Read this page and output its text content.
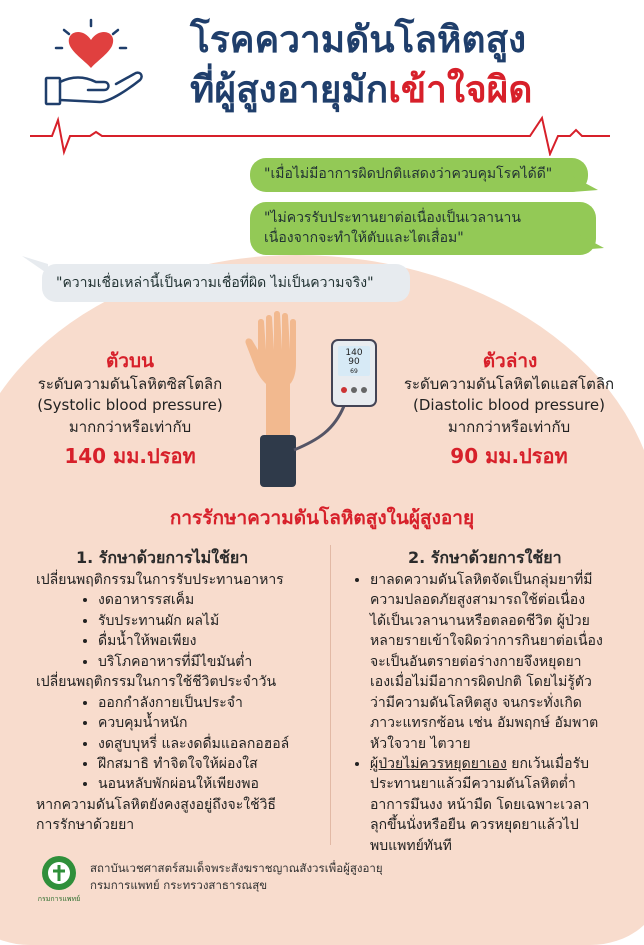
โรคความดันโลหิตสูง
ที่ผู้สูงอายุมักเข้าใจผิด
"เมื่อไม่มีอาการผิดปกติแสดงว่าควบคุมโรคได้ดี"
"ไม่ควรรับประทานยาต่อเนื่องเป็นเวลานาน
เนื่องจากจะทำให้ตับและไตเสื่อม"
"ความเชื่อเหล่านี้เป็นความเชื่อที่ผิด ไม่เป็นความจริง"
140
90
69
ตัวบน
ระดับความดันโลหิตซิสโตลิก
(Systolic blood pressure)
มากกว่าหรือเท่ากับ
140 มม.ปรอท
ตัวล่าง
ระดับความดันโลหิตไดแอสโตลิก
(Diastolic blood pressure)
มากกว่าหรือเท่ากับ
90 มม.ปรอท
การรักษาความดันโลหิตสูงในผู้สูงอายุ
1. รักษาด้วยการไม่ใช้ยา
เปลี่ยนพฤติกรรมในการรับประทานอาหาร
• งดอาหารรสเค็ม
• รับประทานผัก ผลไม้
• ดื่มน้ำให้พอเพียง
• บริโภคอาหารที่มีไขมันต่ำ
เปลี่ยนพฤติกรรมในการใช้ชีวิตประจำวัน
• ออกกำลังกายเป็นประจำ
• ควบคุมน้ำหนัก
• งดสูบบุหรี่ และงดดื่มแอลกอฮอล์
• ฝึกสมาธิ ทำจิตใจให้ผ่องใส
• นอนหลับพักผ่อนให้เพียงพอ
หากความดันโลหิตยังคงสูงอยู่ถึงจะใช้วิธี
การรักษาด้วยยา
2. รักษาด้วยการใช้ยา
• ยาลดความดันโลหิตจัดเป็นกลุ่มยาที่มี
ความปลอดภัยสูงสามารถใช้ต่อเนื่อง
ได้เป็นเวลานานหรือตลอดชีวิต ผู้ป่วย
หลายรายเข้าใจผิดว่าการกินยาต่อเนื่อง
จะเป็นอันตรายต่อร่างกายจึงหยุดยา
เองเมื่อไม่มีอาการผิดปกติ โดยไม่รู้ตัว
ว่ามีความดันโลหิตสูง จนกระทั่งเกิด
ภาวะแทรกซ้อน เช่น อัมพฤกษ์ อัมพาต
หัวใจวาย ไตวาย
• ผู้ป่วยไม่ควรหยุดยาเอง ยกเว้นเมื่อรับ
ประทานยาแล้วมีความดันโลหิตต่ำ
อาการมึนงง หน้ามืด โดยเฉพาะเวลา
ลุกขึ้นนั่งหรือยืน ควรหยุดยาแล้วไป
พบแพทย์ทันที
กรมการแพทย์
สถาบันเวชศาสตร์สมเด็จพระสังฆราชญาณสังวรเพื่อผู้สูงอายุ
กรมการแพทย์ กระทรวงสาธารณสุข
